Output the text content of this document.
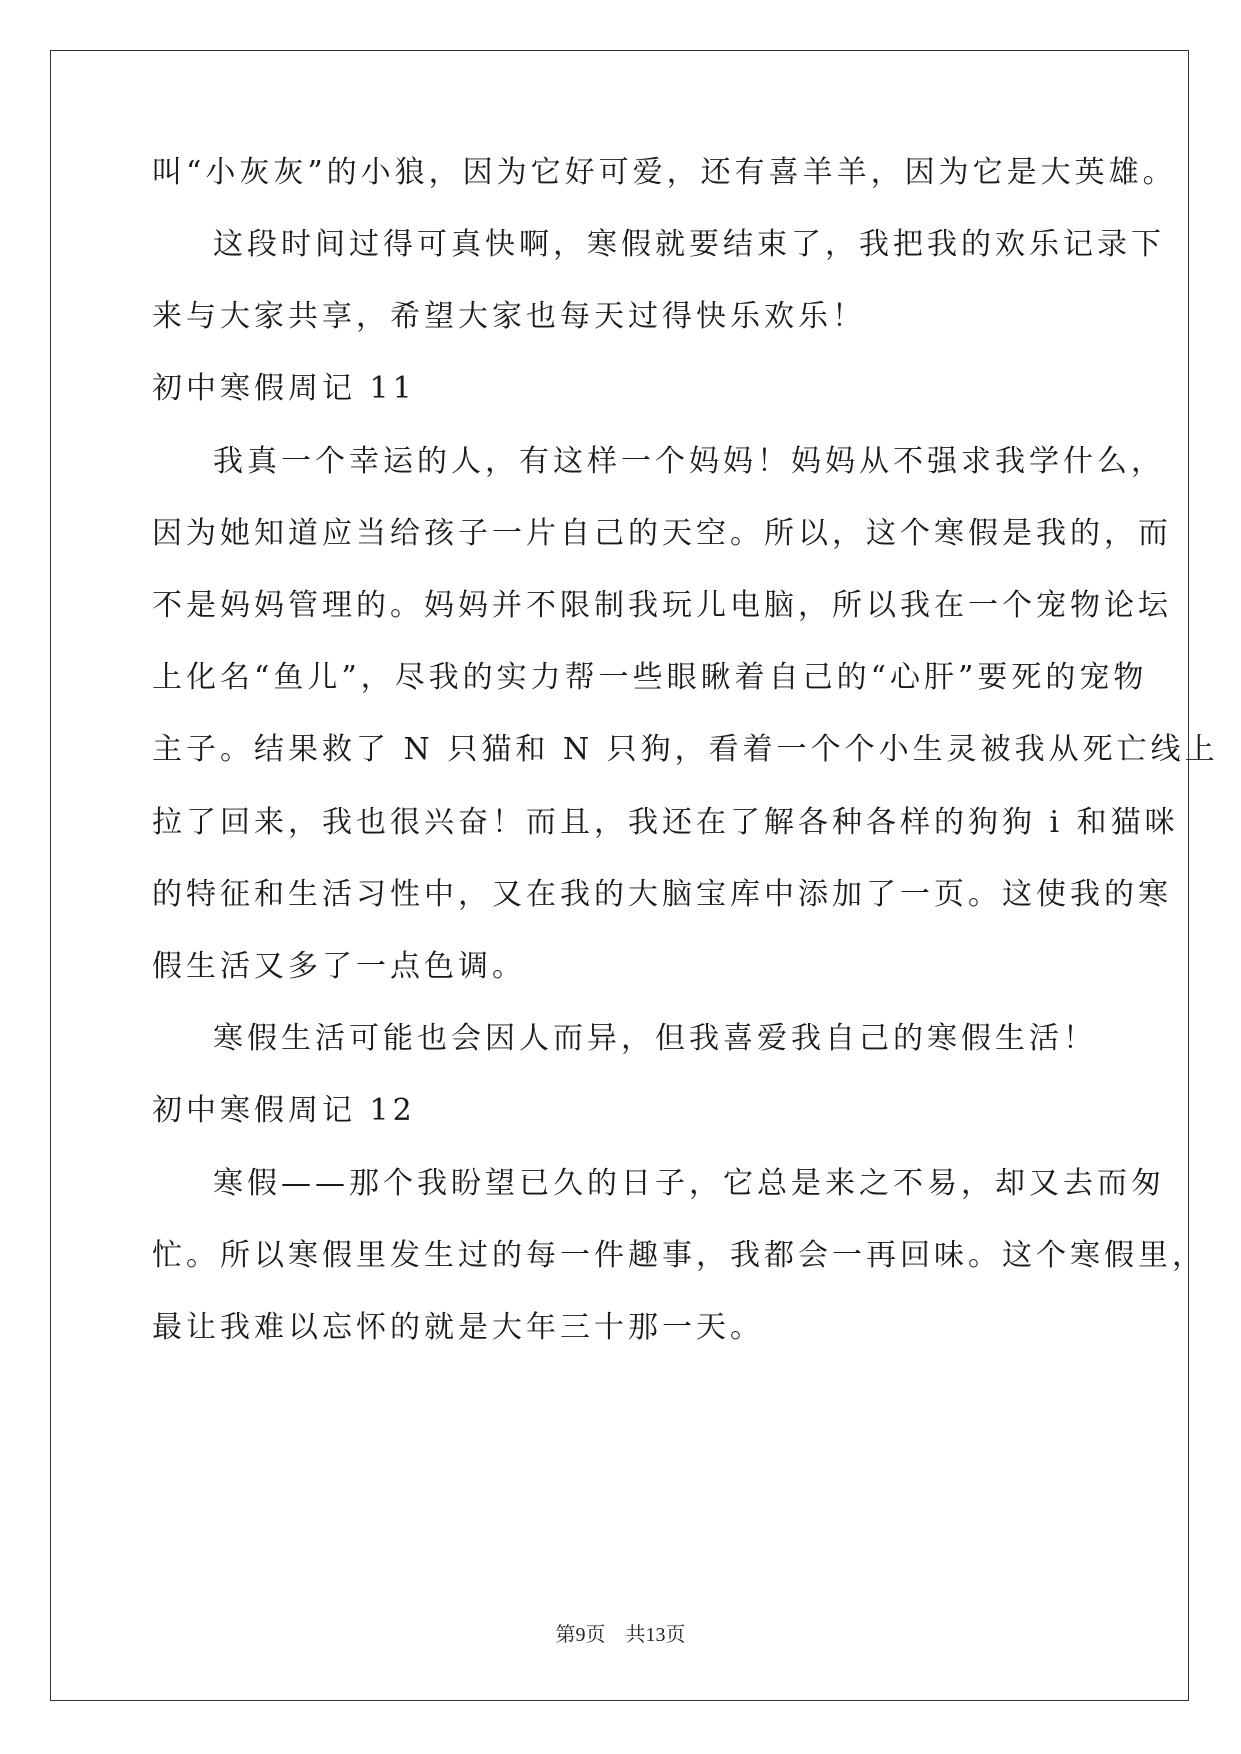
叫“小灰灰”的小狼，因为它好可爱，还有喜羊羊，因为它是大英雄。
这段时间过得可真快啊，寒假就要结束了，我把我的欢乐记录下
来与大家共享，希望大家也每天过得快乐欢乐！
初中寒假周记 11
我真一个幸运的人，有这样一个妈妈！妈妈从不强求我学什么，
因为她知道应当给孩子一片自己的天空。所以，这个寒假是我的，而
不是妈妈管理的。妈妈并不限制我玩儿电脑，所以我在一个宠物论坛
上化名“鱼儿”，尽我的实力帮一些眼瞅着自己的“心肝”要死的宠物
主子。结果救了 N 只猫和 N 只狗，看着一个个小生灵被我从死亡线上
拉了回来，我也很兴奋！而且，我还在了解各种各样的狗狗 i 和猫咪
的特征和生活习性中，又在我的大脑宝库中添加了一页。这使我的寒
假生活又多了一点色调。
寒假生活可能也会因人而异，但我喜爱我自己的寒假生活！
初中寒假周记 12
寒假——那个我盼望已久的日子，它总是来之不易，却又去而匆
忙。所以寒假里发生过的每一件趣事，我都会一再回味。这个寒假里，
最让我难以忘怀的就是大年三十那一天。
第9页　共13页
